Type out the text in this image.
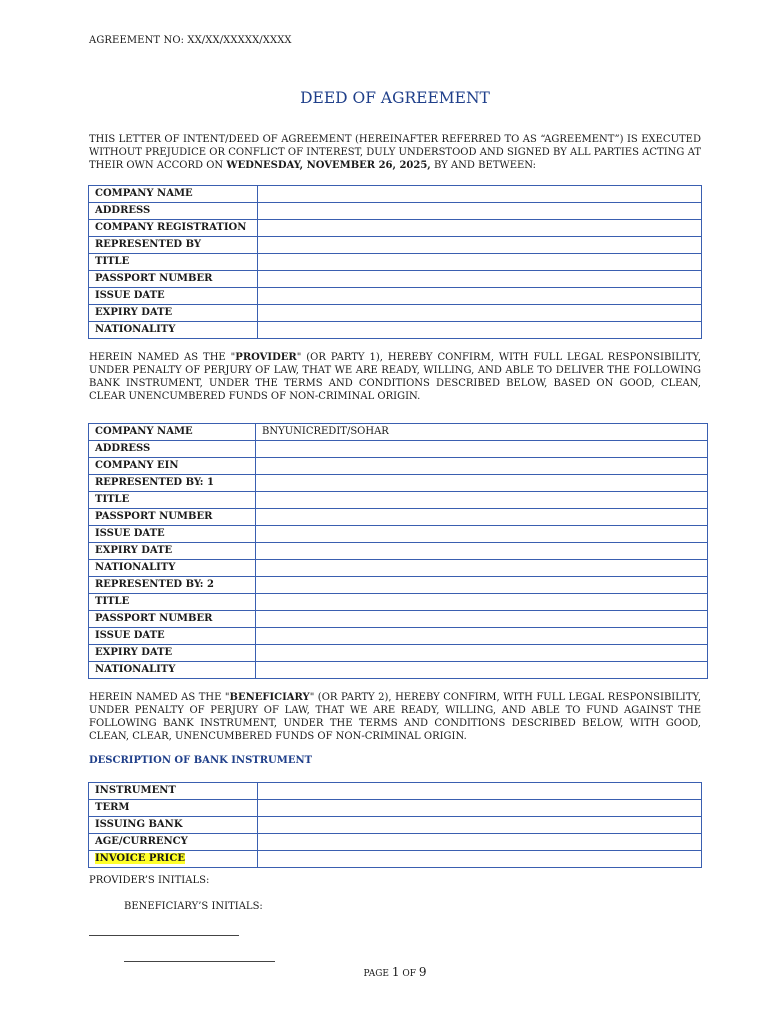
AGREEMENT NO: XX/XX/XXXXX/XXXX
DEED OF AGREEMENT
THIS LETTER OF INTENT/DEED OF AGREEMENT (HEREINAFTER REFERRED TO AS “AGREEMENT”) IS EXECUTED WITHOUT PREJUDICE OR CONFLICT OF INTEREST, DULY UNDERSTOOD AND SIGNED BY ALL PARTIES ACTING AT THEIR OWN ACCORD ON WEDNESDAY, NOVEMBER 26, 2025, BY AND BETWEEN:
COMPANY NAME	
ADDRESS	
COMPANY REGISTRATION	
REPRESENTED BY	
TITLE	
PASSPORT NUMBER	
ISSUE DATE	
EXPIRY DATE	
NATIONALITY	
HEREIN NAMED AS THE "PROVIDER" (OR PARTY 1), HEREBY CONFIRM, WITH FULL LEGAL RESPONSIBILITY, UNDER PENALTY OF PERJURY OF LAW, THAT WE ARE READY, WILLING, AND ABLE TO DELIVER THE FOLLOWING BANK INSTRUMENT, UNDER THE TERMS AND CONDITIONS DESCRIBED BELOW, BASED ON GOOD, CLEAN, CLEAR UNENCUMBERED FUNDS OF NON-CRIMINAL ORIGIN.
COMPANY NAME	BNYUNICREDIT/SOHAR
ADDRESS	
COMPANY EIN	
REPRESENTED BY: 1	
TITLE	
PASSPORT NUMBER	
ISSUE DATE	
EXPIRY DATE	
NATIONALITY	
REPRESENTED BY: 2	
TITLE	
PASSPORT NUMBER	
ISSUE DATE	
EXPIRY DATE	
NATIONALITY	
HEREIN NAMED AS THE "BENEFICIARY" (OR PARTY 2), HEREBY CONFIRM, WITH FULL LEGAL RESPONSIBILITY, UNDER PENALTY OF PERJURY OF LAW, THAT WE ARE READY, WILLING, AND ABLE TO FUND AGAINST THE FOLLOWING BANK INSTRUMENT, UNDER THE TERMS AND CONDITIONS DESCRIBED BELOW, WITH GOOD, CLEAN, CLEAR, UNENCUMBERED FUNDS OF NON-CRIMINAL ORIGIN.
DESCRIPTION OF BANK INSTRUMENT
INSTRUMENT	
TERM	
ISSUING BANK	
AGE/CURRENCY	
INVOICE PRICE	
PROVIDER’S INITIALS:
BENEFICIARY’S INITIALS:
PAGE 1 OF 9
